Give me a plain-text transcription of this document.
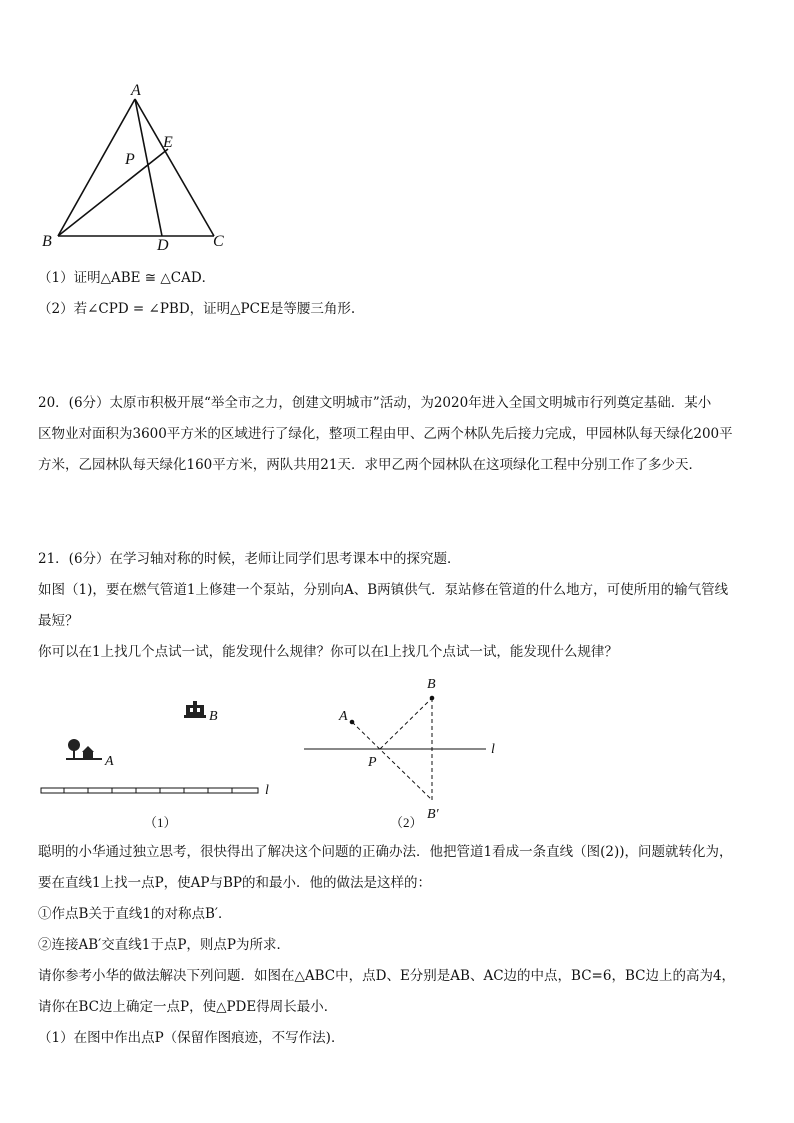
A
B	C
D
E
P
（1）证明△ABE ≅ △CAD．
（2）若∠CPD = ∠PBD，证明△PCE是等腰三角形.
20．(6分）太原市积极开展“举全市之力，创建文明城市”活动，为2020年进入全国文明城市行列奠定基础．某小
区物业对面积为3600平方米的区域进行了绿化，整项工程由甲、乙两个林队先后接力完成，甲园林队每天绿化200平
方米，乙园林队每天绿化160平方米，两队共用21天．求甲乙两个园林队在这项绿化工程中分别工作了多少天．
21．(6分）在学习轴对称的时候，老师让同学们思考课本中的探究题．
如图（1)，要在燃气管道1上修建一个泵站，分别向A、B两镇供气．泵站修在管道的什么地方，可使所用的输气管线
最短？
你可以在1上找几个点试一试，能发现什么规律？你可以在l上找几个点试一试，能发现什么规律？
B
A
l
（1）
l
A
B
P
B′
（2）
聪明的小华通过独立思考，很快得出了解决这个问题的正确办法．他把管道1看成一条直线（图(2))，问题就转化为，
要在直线1上找一点P，使AP与BP的和最小．他的做法是这样的：
①作点B关于直线1的对称点B′．
②连接AB′交直线1于点P，则点P为所求．
请你参考小华的做法解决下列问题．如图在△ABC中，点D、E分别是AB、AC边的中点，BC=6，BC边上的高为4，
请你在BC边上确定一点P，使△PDE得周长最小．
（1）在图中作出点P（保留作图痕迹，不写作法)．
